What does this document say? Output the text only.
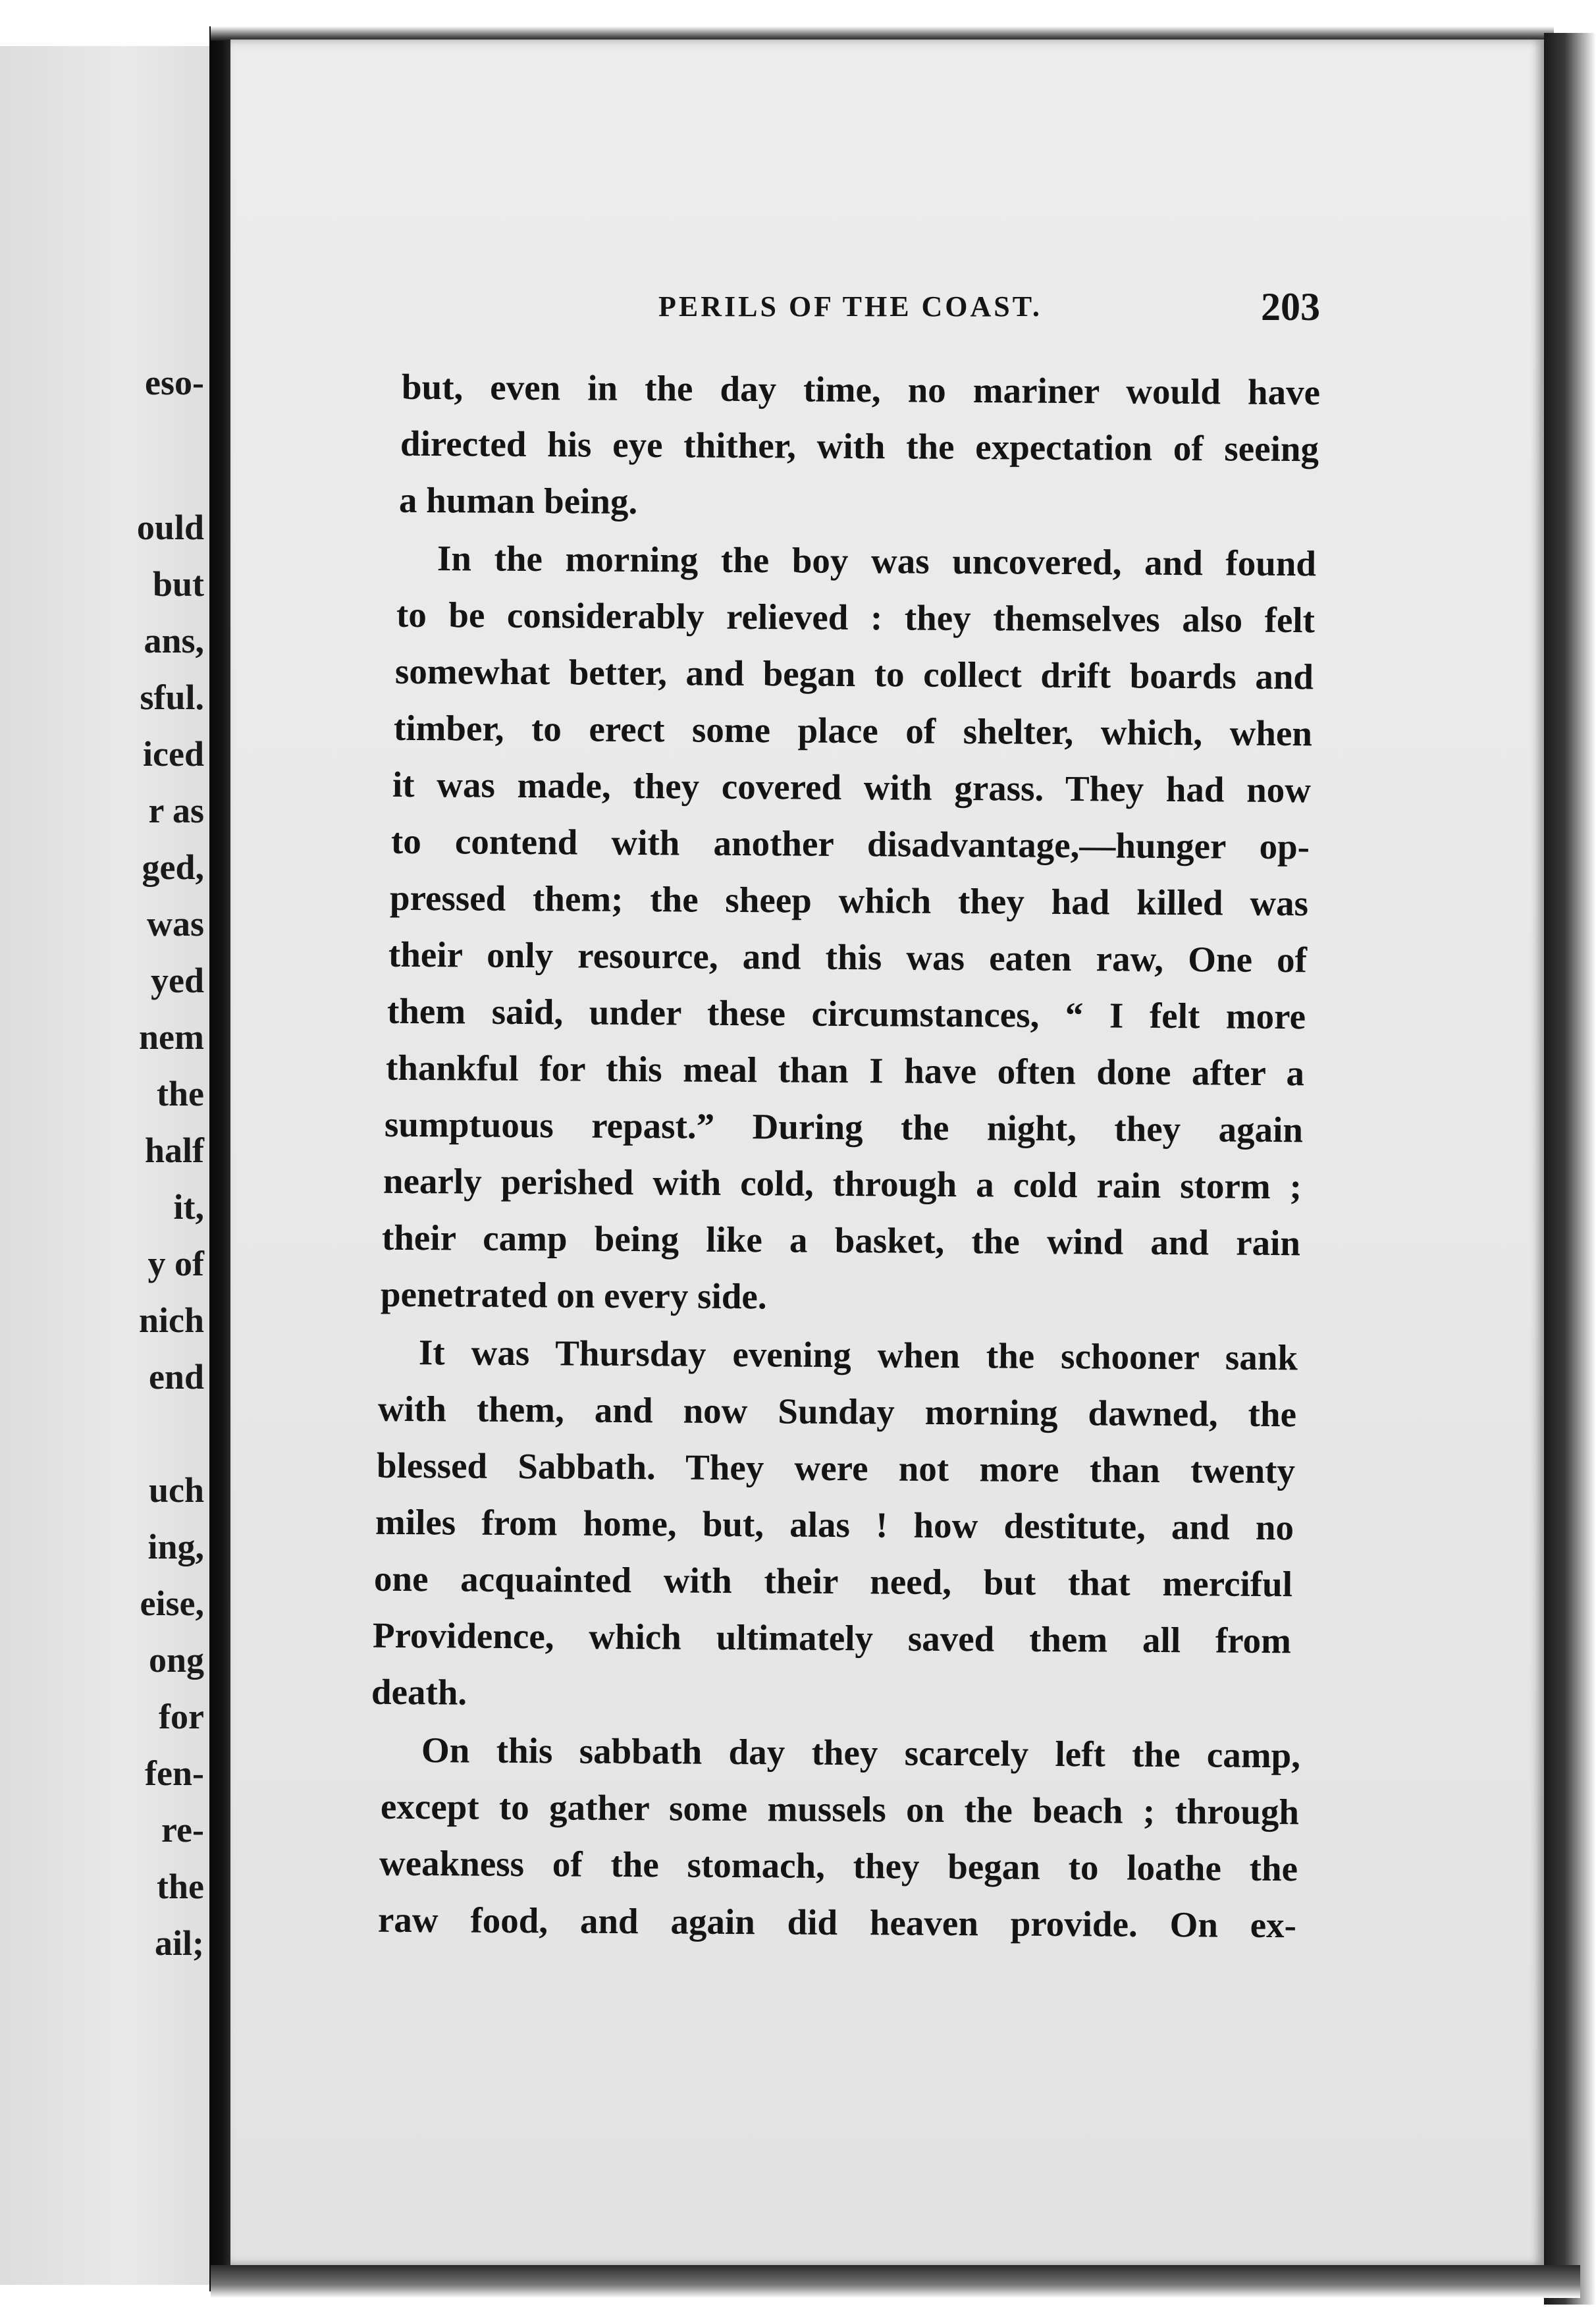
eso-
ould
but
ans,
sful.
iced
r as
ged,
was
yed
nem
the
half
it,
y of
nich
end
uch
ing,
eise,
ong
for
fen-
re-
the
ail;
PERILS OF THE COAST.	203
but, even in the day time, no mariner would have
directed his eye thither, with the expectation of seeing
a human being.
In the morning the boy was uncovered, and found
to be considerably relieved : they themselves also felt
somewhat better, and began to collect drift boards and
timber, to erect some place of shelter, which, when
it was made, they covered with grass. They had now
to contend with another disadvantage,—hunger op-
pressed them; the sheep which they had killed was
their only resource, and this was eaten raw, One of
them said, under these circumstances, “ I felt more
thankful for this meal than I have often done after a
sumptuous repast.” During the night, they again
nearly perished with cold, through a cold rain storm ;
their camp being like a basket, the wind and rain
penetrated on every side.
It was Thursday evening when the schooner sank
with them, and now Sunday morning dawned, the
blessed Sabbath. They were not more than twenty
miles from home, but, alas ! how destitute, and no
one acquainted with their need, but that merciful
Providence, which ultimately saved them all from
death.
On this sabbath day they scarcely left the camp,
except to gather some mussels on the beach ; through
weakness of the stomach, they began to loathe the
raw food, and again did heaven provide. On ex-
